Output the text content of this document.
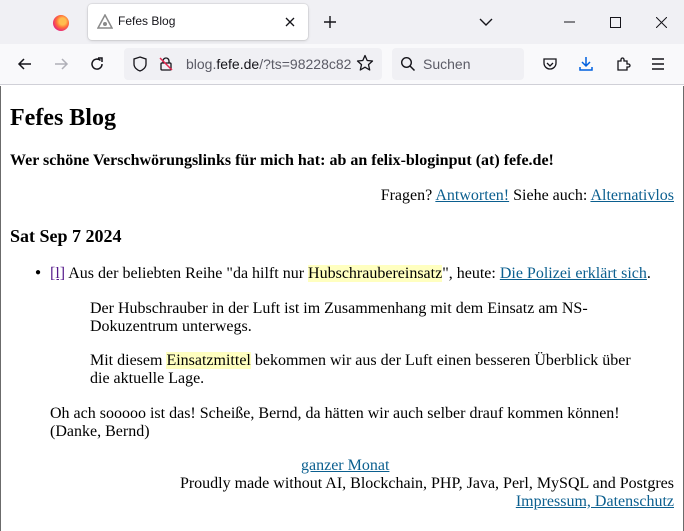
Fefes Blog
blog.fefe.de/?ts=98228c82	Suchen
Fefes Blog
Wer schöne Verschwörungslinks für mich hat: ab an felix-bloginput (at) fefe.de!
Fragen? Antworten! Siehe auch: Alternativlos
Sat Sep 7 2024
● [l] Aus der beliebten Reihe "da hilft nur Hubschraubereinsatz", heute: Die Polizei erklärt sich.
Der Hubschrauber in der Luft ist im Zusammenhang mit dem Einsatz am NS-Dokuzentrum unterwegs.
Mit diesem Einsatzmittel bekommen wir aus der Luft einen besseren Überblick über die aktuelle Lage.
Oh ach sooooo ist das! Scheiße, Bernd, da hätten wir auch selber drauf kommen können! (Danke, Bernd)
ganzer Monat
Proudly made without AI, Blockchain, PHP, Java, Perl, MySQL and Postgres
Impressum, Datenschutz
